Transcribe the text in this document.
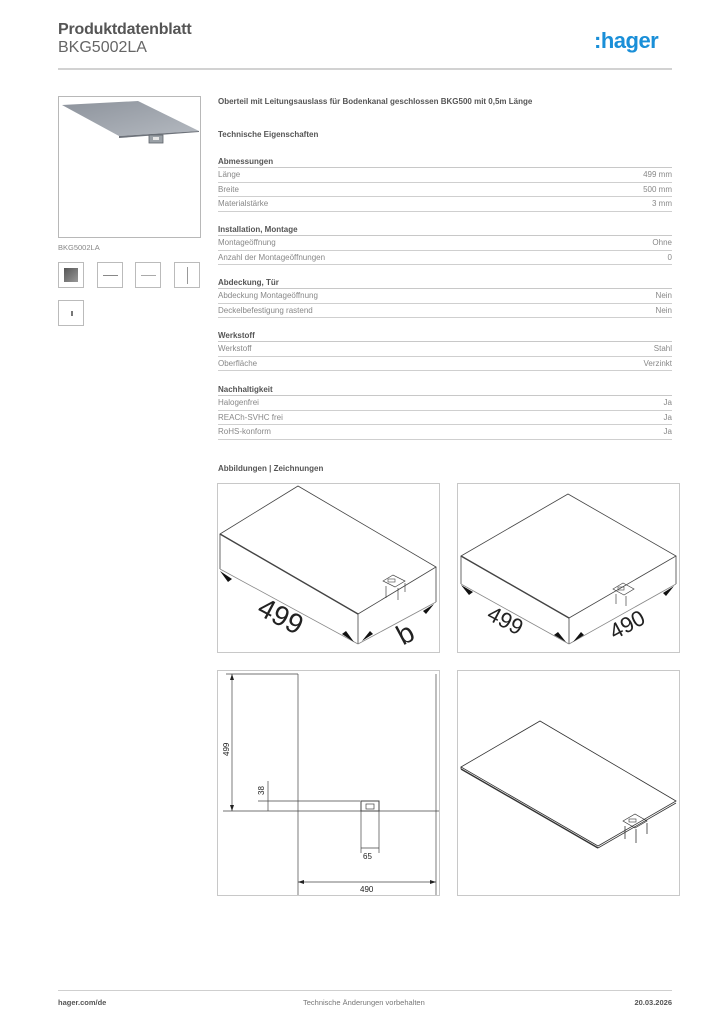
Produktdatenblatt
BKG5002LA	:hager
BKG5002LA
Oberteil mit Leitungsauslass für Bodenkanal geschlossen BKG500 mit 0,5m Länge
Technische Eigenschaften
Abmessungen
Länge	499 mm
Breite	500 mm
Materialstärke	3 mm
Installation, Montage
Montageöffnung	Ohne
Anzahl der Montageöffnungen	0
Abdeckung, Tür
Abdeckung Montageöffnung	Nein
Deckelbefestigung rastend	Nein
Werkstoff
Werkstoff	Stahl
Oberfläche	Verzinkt
Nachhaltigkeit
Halogenfrei	Ja
REACh-SVHC frei	Ja
RoHS-konform	Ja
Abbildungen | Zeichnungen
499	b	499	490
499
38
65
490
hager.com/de	Technische Änderungen vorbehalten	20.03.2026
